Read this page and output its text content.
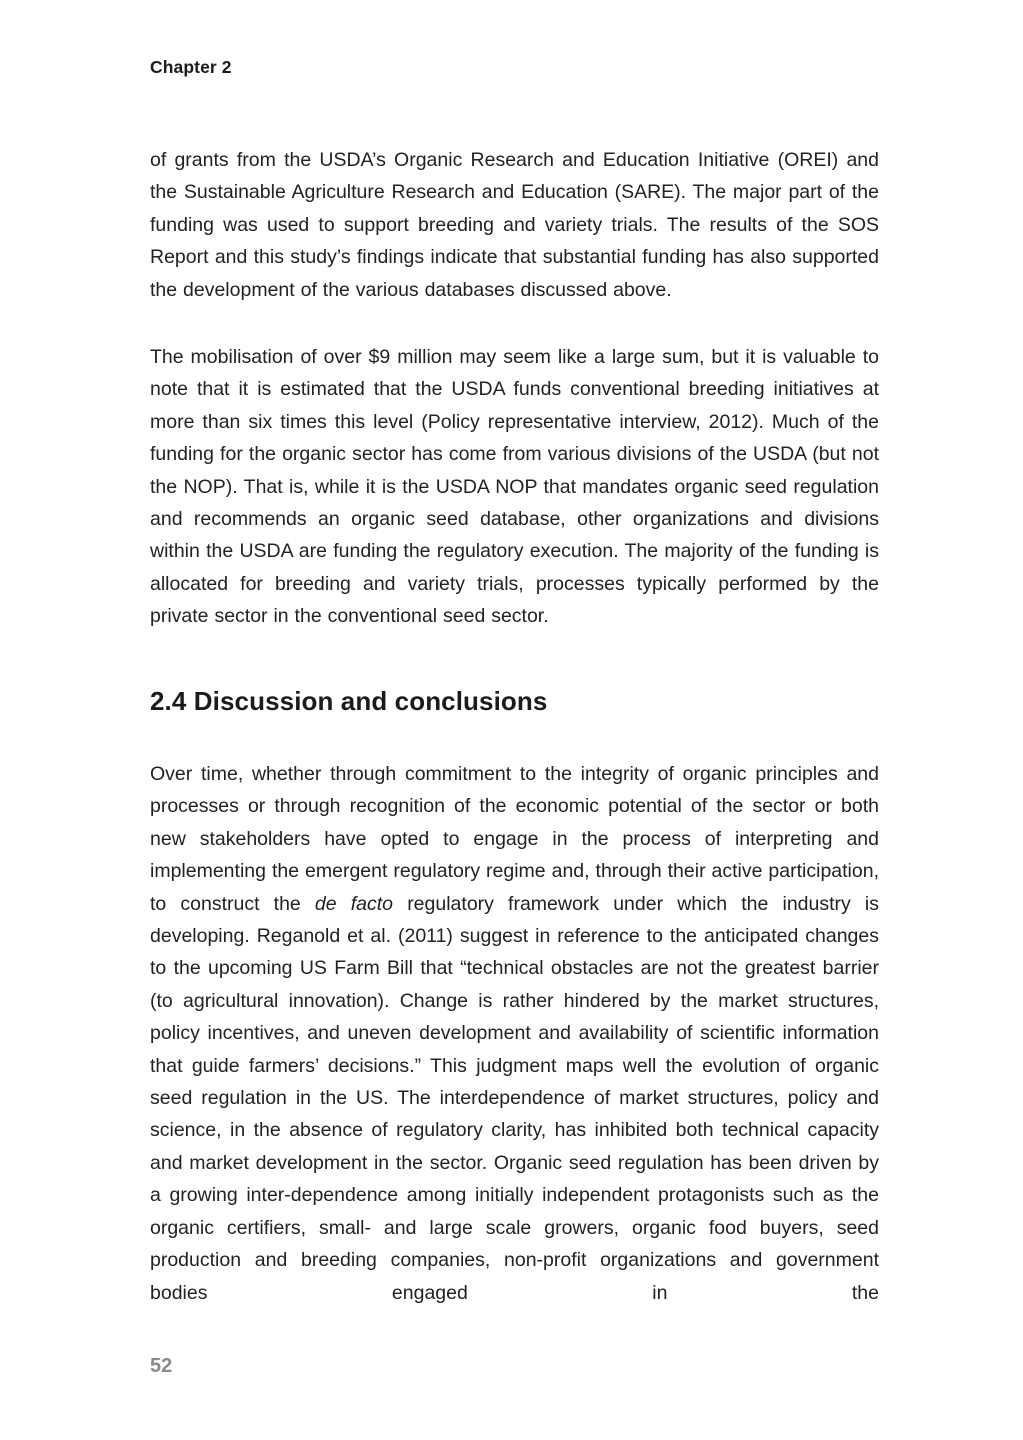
Chapter 2

of grants from the USDA’s Organic Research and Education Initiative (OREI) and the Sustainable Agriculture Research and Education (SARE). The major part of the funding was used to support breeding and variety trials. The results of the SOS Report and this study’s findings indicate that substantial funding has also supported the development of the various databases discussed above.

The mobilisation of over $9 million may seem like a large sum, but it is valuable to note that it is estimated that the USDA funds conventional breeding initiatives at more than six times this level (Policy representative interview, 2012). Much of the funding for the organic sector has come from various divisions of the USDA (but not the NOP). That is, while it is the USDA NOP that mandates organic seed regulation and recommends an organic seed database, other organizations and divisions within the USDA are funding the regulatory execution. The majority of the funding is allocated for breeding and variety trials, processes typically performed by the private sector in the conventional seed sector.

2.4 Discussion and conclusions

Over time, whether through commitment to the integrity of organic principles and processes or through recognition of the economic potential of the sector or both new stakeholders have opted to engage in the process of interpreting and implementing the emergent regulatory regime and, through their active participation, to construct the de facto regulatory framework under which the industry is developing. Reganold et al. (2011) suggest in reference to the anticipated changes to the upcoming US Farm Bill that “technical obstacles are not the greatest barrier (to agricultural innovation). Change is rather hindered by the market structures, policy incentives, and uneven development and availability of scientific information that guide farmers’ decisions.” This judgment maps well the evolution of organic seed regulation in the US. The interdependence of market structures, policy and science, in the absence of regulatory clarity, has inhibited both technical capacity and market development in the sector. Organic seed regulation has been driven by a growing inter-dependence among initially independent protagonists such as the organic certifiers, small- and large scale growers, organic food buyers, seed production and breeding companies, non-profit organizations and government bodies engaged in the

52
